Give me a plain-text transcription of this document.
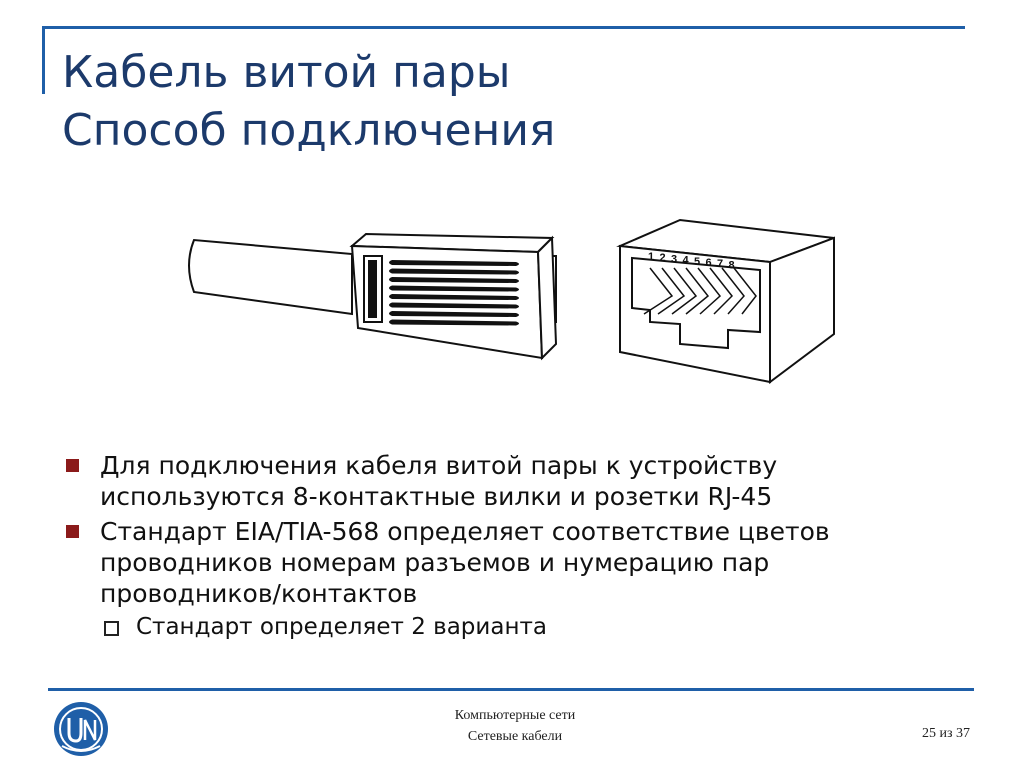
Кабель витой пары
Способ подключения
1 2 3 4 5 6 7 8
Для подключения кабеля витой пары к устройству
используются 8-контактные вилки и розетки RJ-45
Стандарт EIA/TIA-568 определяет соответствие цветов
проводников номерам разъемов и нумерацию пар
проводников/контактов
Стандарт определяет 2 варианта
Компьютерные сети
Сетевые кабели	25 из 37
